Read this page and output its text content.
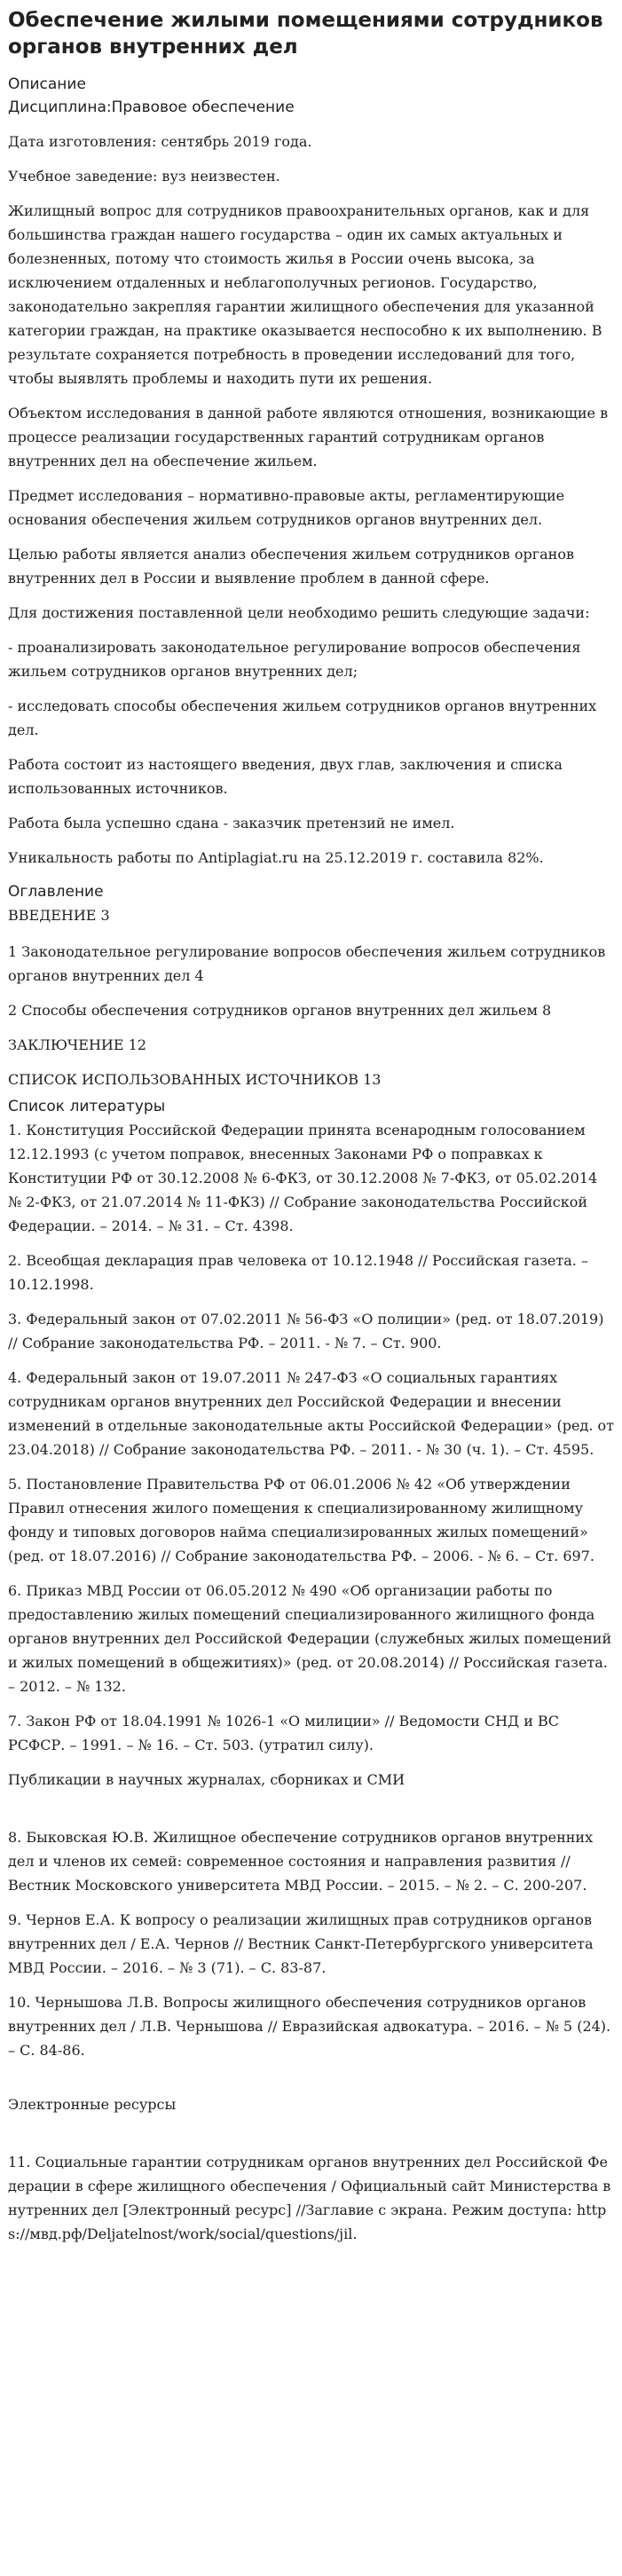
Обеспечение жилыми помещениями сотрудников органов внутренних дел
Описание
Дисциплина:Правовое обеспечение

Дата изготовления: сентябрь 2019 года.

Учебное заведение: вуз неизвестен.

Жилищный вопрос для сотрудников правоохранительных органов, как и для большинства граждан нашего государства – один их самых актуальных и болезненных, потому что стоимость жилья в России очень высока, за исключением отдаленных и неблагополучных регионов. Государство, законодательно закрепляя гарантии жилищного обеспечения для указанной категории граждан, на практике оказывается неспособно к их выполнению. В результате сохраняется потребность в проведении исследований для того, чтобы выявлять проблемы и находить пути их решения.

Объектом исследования в данной работе являются отношения, возникающие в процессе реализации государственных гарантий сотрудникам органов внутренних дел на обеспечение жильем.

Предмет исследования – нормативно-правовые акты, регламентирующие основания обеспечения жильем сотрудников органов внутренних дел.

Целью работы является анализ обеспечения жильем сотрудников органов внутренних дел в России и выявление проблем в данной сфере.

Для достижения поставленной цели необходимо решить следующие задачи:

- проанализировать законодательное регулирование вопросов обеспечения жильем сотрудников органов внутренних дел;

- исследовать способы обеспечения жильем сотрудников органов внутренних дел.

Работа состоит из настоящего введения, двух глав, заключения и списка использованных источников.

Работа была успешно сдана - заказчик претензий не имел.

Уникальность работы по Antiplagiat.ru на 25.12.2019 г. составила 82%.

Оглавление

ВВЕДЕНИЕ 3

1 Законодательное регулирование вопросов обеспечения жильем сотрудников органов внутренних дел 4

2 Способы обеспечения сотрудников органов внутренних дел жильем 8

ЗАКЛЮЧЕНИЕ 12

СПИСОК ИСПОЛЬЗОВАННЫХ ИСТОЧНИКОВ 13

Список литературы

1. Конституция Российской Федерации принята всенародным голосованием 12.12.1993 (с учетом поправок, внесенных Законами РФ о поправках к Конституции РФ от 30.12.2008 № 6-ФКЗ, от 30.12.2008 № 7-ФКЗ, от 05.02.2014 № 2-ФКЗ, от 21.07.2014 № 11-ФКЗ) // Собрание законодательства Российской Федерации. – 2014. – № 31. – Ст. 4398.

2. Всеобщая декларация прав человека от 10.12.1948 // Российская газета. – 10.12.1998.

3. Федеральный закон от 07.02.2011 № 56-ФЗ «О полиции» (ред. от 18.07.2019) // Собрание законодательства РФ. – 2011. - № 7. – Ст. 900.

4. Федеральный закон от 19.07.2011 № 247-ФЗ «О социальных гарантиях сотрудникам органов внутренних дел Российской Федерации и внесении изменений в отдельные законодательные акты Российской Федерации» (ред. от 23.04.2018) // Собрание законодательства РФ. – 2011. - № 30 (ч. 1). – Ст. 4595.

5. Постановление Правительства РФ от 06.01.2006 № 42 «Об утверждении Правил отнесения жилого помещения к специализированному жилищному фонду и типовых договоров найма специализированных жилых помещений» (ред. от 18.07.2016) // Собрание законодательства РФ. – 2006. - № 6. – Ст. 697.

6. Приказ МВД России от 06.05.2012 № 490 «Об организации работы по предоставлению жилых помещений специализированного жилищного фонда органов внутренних дел Российской Федерации (служебных жилых помещений и жилых помещений в общежитиях)» (ред. от 20.08.2014) // Российская газета. – 2012. – № 132.

7. Закон РФ от 18.04.1991 № 1026-1 «О милиции» // Ведомости СНД и ВС РСФСР. – 1991. – № 16. – Ст. 503. (утратил силу).

Публикации в научных журналах, сборниках и СМИ

8. Быковская Ю.В. Жилищное обеспечение сотрудников органов внутренних дел и членов их семей: современное состояния и направления развития // Вестник Московского университета МВД России. – 2015. – № 2. – С. 200-207.

9. Чернов Е.А. К вопросу о реализации жилищных прав сотрудников органов внутренних дел / Е.А. Чернов // Вестник Санкт-Петербургского университета МВД России. – 2016. – № 3 (71). – С. 83-87.

10. Чернышова Л.В. Вопросы жилищного обеспечения сотрудников органов внутренних дел / Л.В. Чернышова // Евразийская адвокатура. – 2016. – № 5 (24). – С. 84-86.

Электронные ресурсы

11. Социальные гарантии сотрудникам органов внутренних дел Российской Федерации в сфере жилищного обеспечения / Официальный сайт Министерства внутренних дел [Электронный ресурс] //Заглавие с экрана. Режим доступа: https://мвд.рф/Deljatelnost/work/social/questions/jil.
